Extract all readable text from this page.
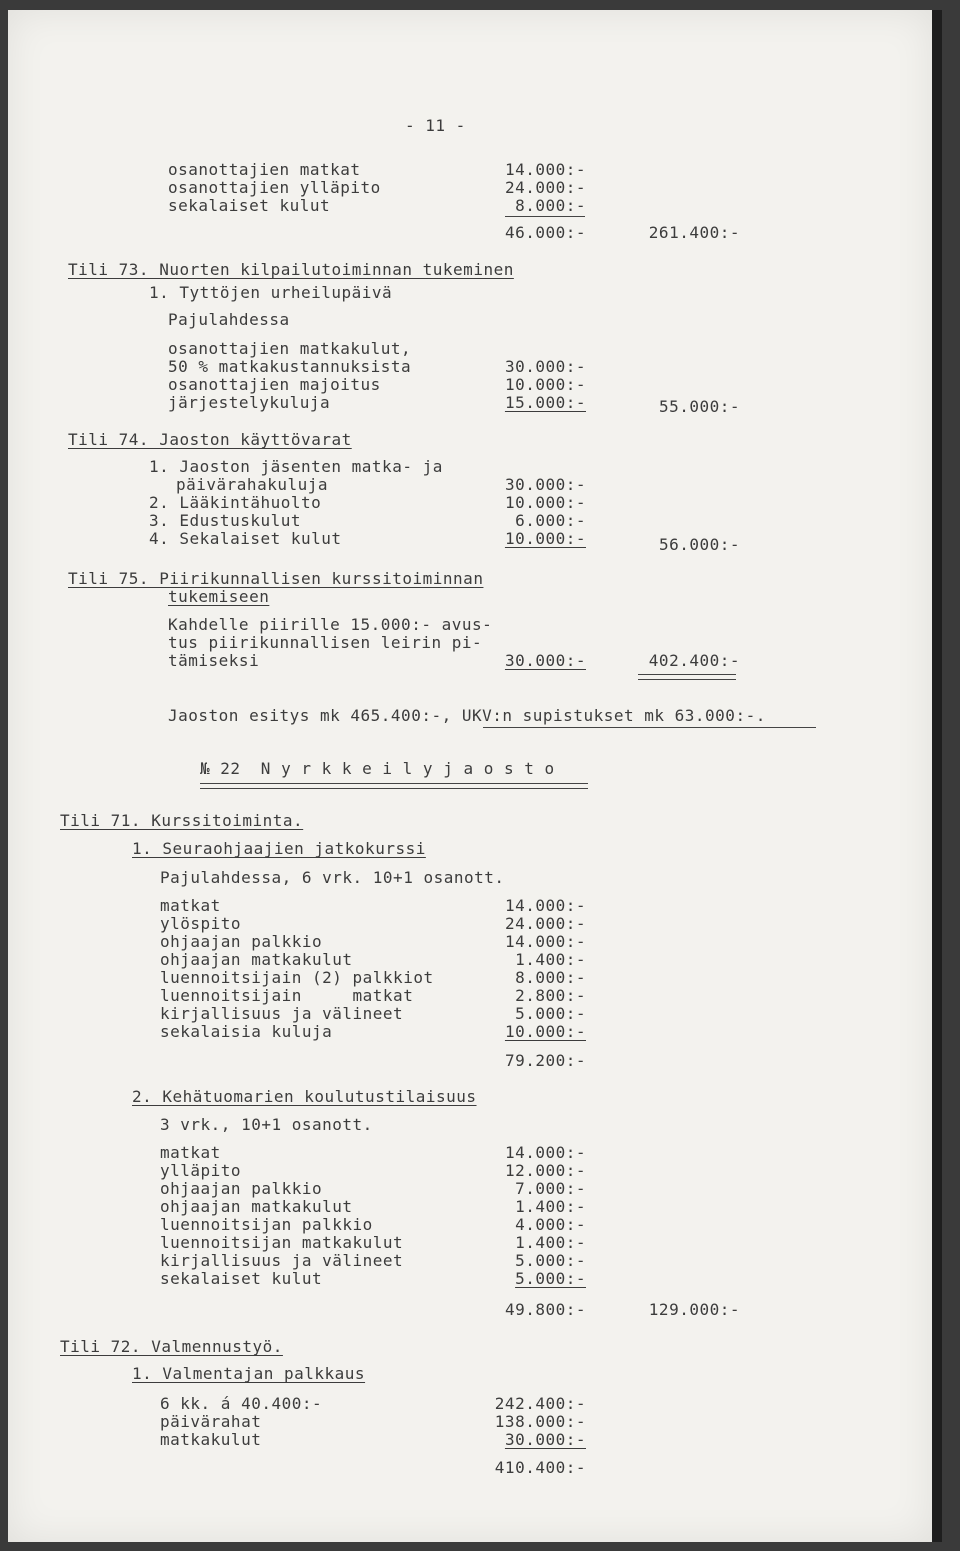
- 11 -
osanottajien matkat	14.000:-
osanottajien ylläpito	24.000:-
sekalaiset kulut	8.000:-
46.000:-	261.400:-
Tili 73. Nuorten kilpailutoiminnan tukeminen
1. Tyttöjen urheilupäivä
Pajulahdessa
osanottajien matkakulut,
50 % matkakustannuksista	30.000:-
osanottajien majoitus	10.000:-
järjestelykuluja	15.000:-	55.000:-
Tili 74. Jaoston käyttövarat
1. Jaoston jäsenten matka- ja
päivärahakuluja	30.000:-
2. Lääkintähuolto	10.000:-
3. Edustuskulut	6.000:-
4. Sekalaiset kulut	10.000:-	56.000:-
Tili 75. Piirikunnallisen kurssitoiminnan
tukemiseen
Kahdelle piirille 15.000:- avus-
tus piirikunnallisen leirin pi-
tämiseksi	30.000:-	402.400:-
Jaoston esitys mk 465.400:-, UKV:n supistukset mk 63.000:-.
№ 22  N y r k k e i l y j a o s t o
Tili 71. Kurssitoiminta.
1. Seuraohjaajien jatkokurssi
Pajulahdessa, 6 vrk. 10+1 osanott.
matkat	14.000:-
ylöspito	24.000:-
ohjaajan palkkio	14.000:-
ohjaajan matkakulut	1.400:-
luennoitsijain (2) palkkiot	8.000:-
luennoitsijain     matkat	2.800:-
kirjallisuus ja välineet	5.000:-
sekalaisia kuluja	10.000:-
79.200:-
2. Kehätuomarien koulutustilaisuus
3 vrk., 10+1 osanott.
matkat	14.000:-
ylläpito	12.000:-
ohjaajan palkkio	7.000:-
ohjaajan matkakulut	1.400:-
luennoitsijan palkkio	4.000:-
luennoitsijan matkakulut	1.400:-
kirjallisuus ja välineet	5.000:-
sekalaiset kulut	5.000:-
49.800:-	129.000:-
Tili 72. Valmennustyö.
1. Valmentajan palkkaus
6 kk. á 40.400:-	242.400:-
päivärahat	138.000:-
matkakulut	30.000:-
410.400:-
